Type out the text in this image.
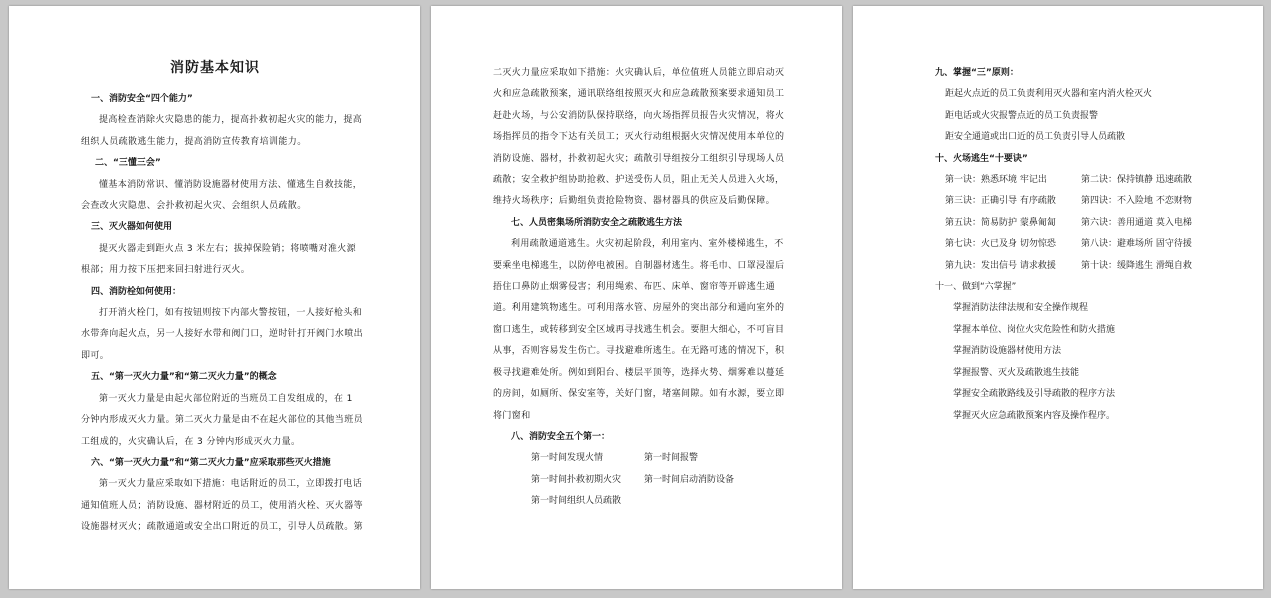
消防基本知识
一、消防安全“四个能力”
提高检查消除火灾隐患的能力，提高扑救初起火灾的能力，提高组织人员疏散逃生能力，提高消防宣传教育培训能力。
二、“三懂三会”
懂基本消防常识、懂消防设施器材使用方法、懂逃生自救技能，会查改火灾隐患、会扑救初起火灾、会组织人员疏散。
三、灭火器如何使用
提灭火器走到距火点 3 米左右；拔掉保险销；将喷嘴对准火源根部；用力按下压把来回扫射进行灭火。
四、消防栓如何使用：
打开消火栓门，如有按钮则按下内部火警按钮，一人接好枪头和水带奔向起火点，另一人接好水带和阀门口，逆时针打开阀门水喷出即可。
五、“第一灭火力量”和“第二灭火力量”的概念
第一灭火力量是由起火部位附近的当班员工自发组成的，在 1 分钟内形成灭火力量。第二灭火力量是由不在起火部位的其他当班员工组成的，火灾确认后，在 3 分钟内形成灭火力量。
六、“第一灭火力量”和“第二灭火力量”应采取那些灭火措施
第一灭火力量应采取如下措施：电话附近的员工，立即拨打电话通知值班人员；消防设施、器材附近的员工，使用消火栓、灭火器等设施器材灭火；疏散通道或安全出口附近的员工，引导人员疏散。第
二灭火力量应采取如下措施：火灾确认后，单位值班人员能立即启动灭火和应急疏散预案，通讯联络组按照灭火和应急疏散预案要求通知员工赶赴火场，与公安消防队保持联络，向火场指挥员报告火灾情况，将火场指挥员的指令下达有关员工；灭火行动组根据火灾情况使用本单位的消防设施、器材，扑救初起火灾；疏散引导组按分工组织引导现场人员疏散；安全救护组协助抢救、护送受伤人员，阻止无关人员进入火场，维持火场秩序；后勤组负责抢险物资、器材器具的供应及后勤保障。
七、人员密集场所消防安全之疏散逃生方法
利用疏散通道逃生。火灾初起阶段，利用室内、室外楼梯逃生，不要乘坐电梯逃生，以防停电被困。自制器材逃生。将毛巾、口罩浸湿后捂住口鼻防止烟雾侵害；利用绳索、布匹、床单、窗帘等开辟逃生通道。利用建筑物逃生。可利用落水管、房屋外的突出部分和通向室外的窗口逃生，或转移到安全区域再寻找逃生机会。要胆大细心，不可盲目从事，否则容易发生伤亡。寻找避难所逃生。在无路可逃的情况下，积极寻找避难处所。例如到阳台、楼层平顶等，选择火势、烟雾难以蔓延的房间，如厕所、保安室等，关好门窗，堵塞间隙。如有水源，要立即将门窗和
八、消防安全五个第一：
第一时间发现火情	第一时间报警
第一时间扑救初期火灾	第一时间启动消防设备
第一时间组织人员疏散
九、掌握“三”原则：
距起火点近的员工负责利用灭火器和室内消火栓灭火
距电话或火灾报警点近的员工负责报警
距安全通道或出口近的员工负责引导人员疏散
十、火场逃生“十要诀”
第一诀：熟悉环境 牢记出	第二诀：保持镇静 迅速疏散
第三诀：正确引导 有序疏散	第四诀：不入险地 不恋财物
第五诀：简易防护 蒙鼻匍匐	第六诀：善用通道 莫入电梯
第七诀：火已及身 切勿惊恐	第八诀：避难场所 固守待援
第九诀：发出信号 请求救援	第十诀：缓降逃生 滑绳自救
十一、做到“六掌握”
掌握消防法律法规和安全操作规程
掌握本单位、岗位火灾危险性和防火措施
掌握消防设施器材使用方法
掌握报警、灭火及疏散逃生技能
掌握安全疏散路线及引导疏散的程序方法
掌握灭火应急疏散预案内容及操作程序。
